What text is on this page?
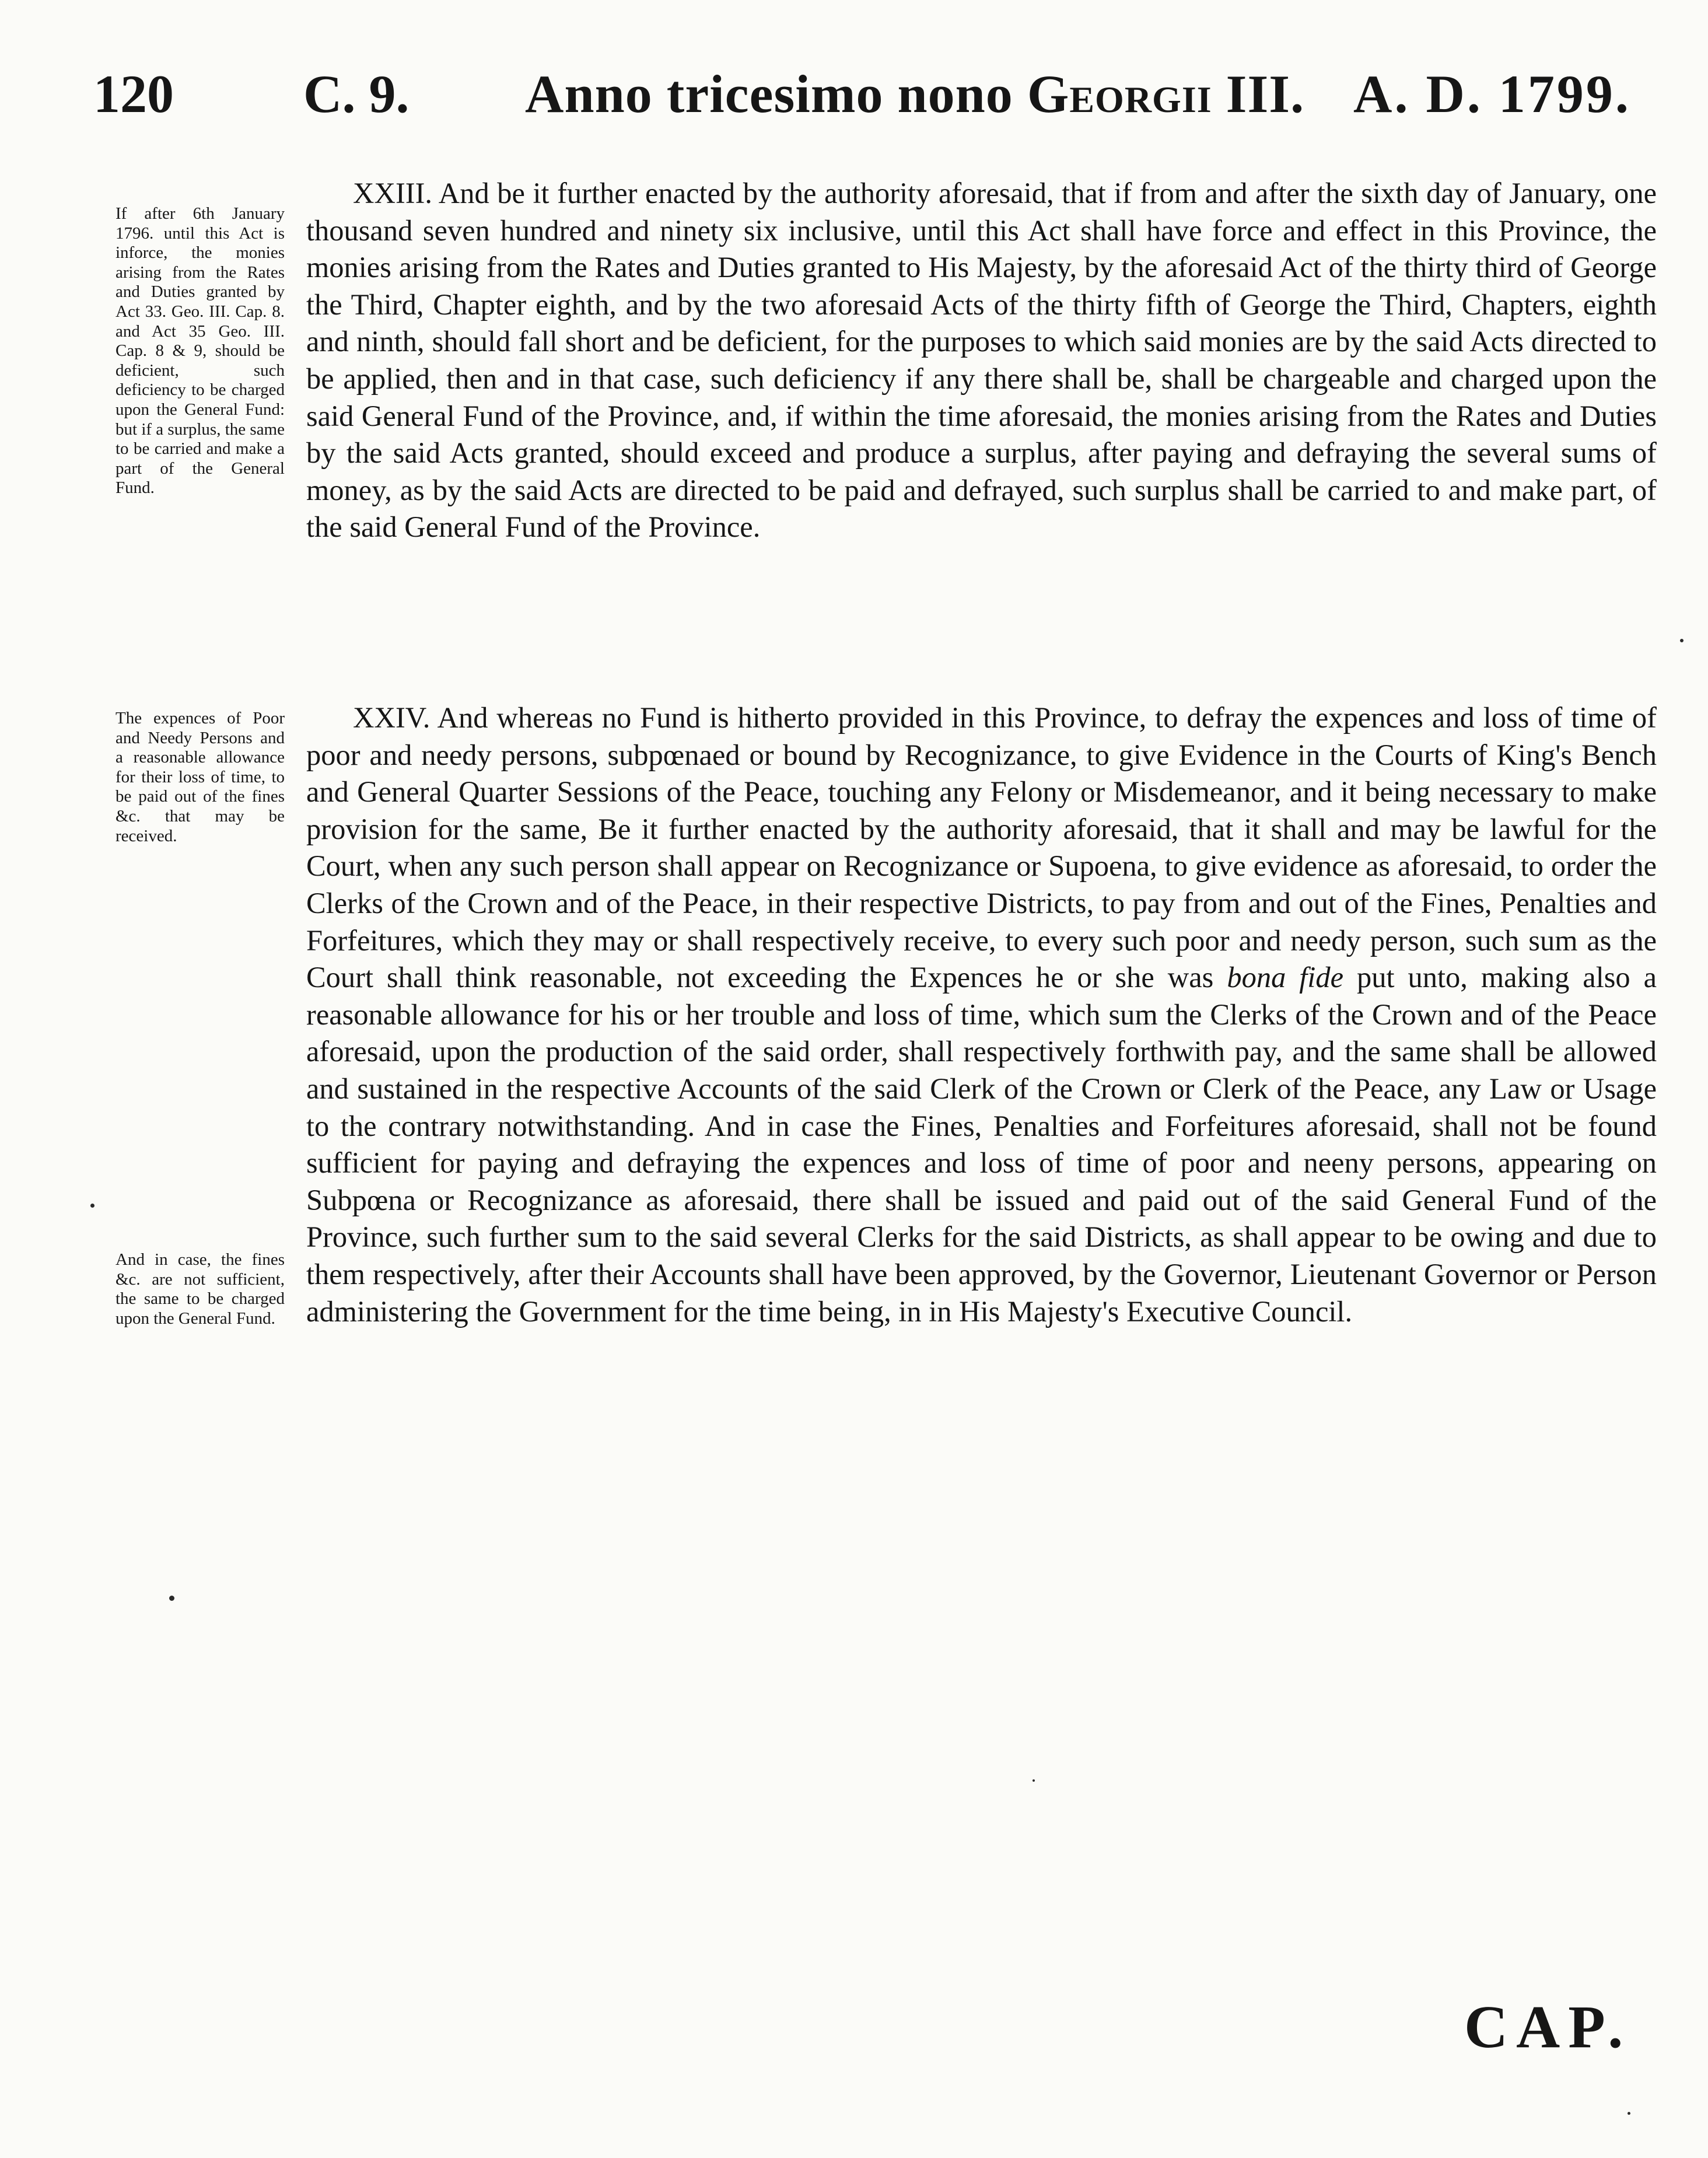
120 C. 9. Anno tricesimo nono Georgii III. A. D. 1799.
If after 6th January 1796. until this Act is inforce, the monies arising from the Rates and Duties granted by Act 33. Geo. III. Cap. 8. and Act 35 Geo. III. Cap. 8 & 9, should be deficient, such deficiency to be charged upon the General Fund: but if a surplus, the same to be carried and make a part of the General Fund.
The expences of Poor and Needy Persons and a reasonable allowance for their loss of time, to be paid out of the fines &c. that may be received.
And in case, the fines &c. are not sufficient, the same to be charged upon the General Fund.

XXIII. And be it further enacted by the authority aforesaid, that if from and after the sixth day of January, one thousand seven hundred and ninety six inclusive, until this Act shall have force and effect in this Province, the monies arising from the Rates and Duties granted to His Majesty, by the aforesaid Act of the thirty third of George the Third, Chapter eighth, and by the two aforesaid Acts of the thirty fifth of George the Third, Chapters, eighth and ninth, should fall short and be deficient, for the purposes to which said monies are by the said Acts directed to be applied, then and in that case, such deficiency if any there shall be, shall be chargeable and charged upon the said General Fund of the Province, and, if within the time aforesaid, the monies arising from the Rates and Duties by the said Acts granted, should exceed and produce a surplus, after paying and defraying the several sums of money, as by the said Acts are directed to be paid and defrayed, such surplus shall be carried to and make part, of the said General Fund of the Province.

XXIV. And whereas no Fund is hitherto provided in this Province, to defray the expences and loss of time of poor and needy persons, subpœnaed or bound by Recognizance, to give Evidence in the Courts of King's Bench and General Quarter Sessions of the Peace, touching any Felony or Misdemeanor, and it being necessary to make provision for the same, Be it further enacted by the authority aforesaid, that it shall and may be lawful for the Court, when any such person shall appear on Recognizance or Supoena, to give evidence as aforesaid, to order the Clerks of the Crown and of the Peace, in their respective Districts, to pay from and out of the Fines, Penalties and Forfeitures, which they may or shall respectively receive, to every such poor and needy person, such sum as the Court shall think reasonable, not exceeding the Expences he or she was bona fide put unto, making also a reasonable allowance for his or her trouble and loss of time, which sum the Clerks of the Crown and of the Peace aforesaid, upon the production of the said order, shall respectively forthwith pay, and the same shall be allowed and sustained in the respective Accounts of the said Clerk of the Crown or Clerk of the Peace, any Law or Usage to the contrary notwithstanding. And in case the Fines, Penalties and Forfeitures aforesaid, shall not be found sufficient for paying and defraying the expences and loss of time of poor and neeny persons, appearing on Subpœna or Recognizance as aforesaid, there shall be issued and paid out of the said General Fund of the Province, such further sum to the said several Clerks for the said Districts, as shall appear to be owing and due to them respectively, after their Accounts shall have been approved, by the Governor, Lieutenant Governor or Person administering the Government for the time being, in in His Majesty's Executive Council.

CAP.
